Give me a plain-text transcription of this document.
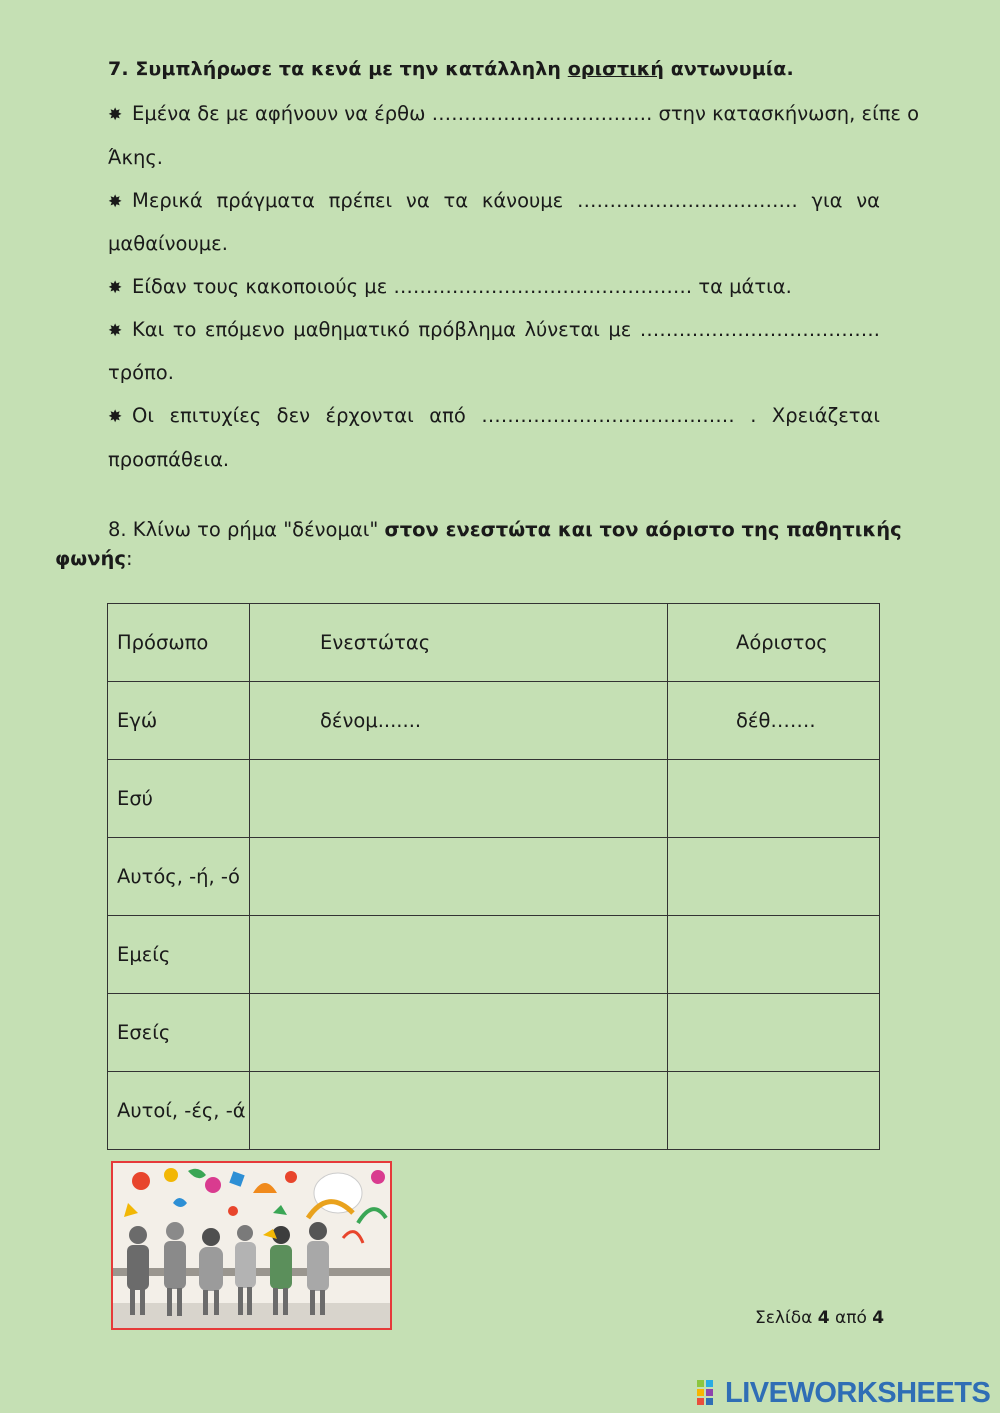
7. Συμπλήρωσε τα κενά με την κατάλληλη οριστική αντωνυμία.
✸ Εμένα δε με αφήνουν να έρθω ……………………………. στην κατασκήνωση, είπε ο
Άκης.
✸ Μερικά πράγματα πρέπει να τα κάνουμε ……………………………. για να
μαθαίνουμε.
✸ Είδαν τους κακοποιούς με ………………………………………. τα μάτια.
✸ Και το επόμενο μαθηματικό πρόβλημα λύνεται με ……………………………….
τρόπο.
✸ Οι επιτυχίες δεν έρχονται από ………………………………… . Χρειάζεται
προσπάθεια.
8. Κλίνω το ρήμα "δένομαι" στον ενεστώτα και τον αόριστο της παθητικής
φωνής:
Πρόσωπο	Ενεστώτας	Αόριστος
Εγώ	δένομ.......	δέθ…….
Εσύ		
Αυτός, -ή, -ό		
Εμείς		
Εσείς		
Αυτοί, -ές, -ά		
Σελίδα 4 από 4
LIVEWORKSHEETS
